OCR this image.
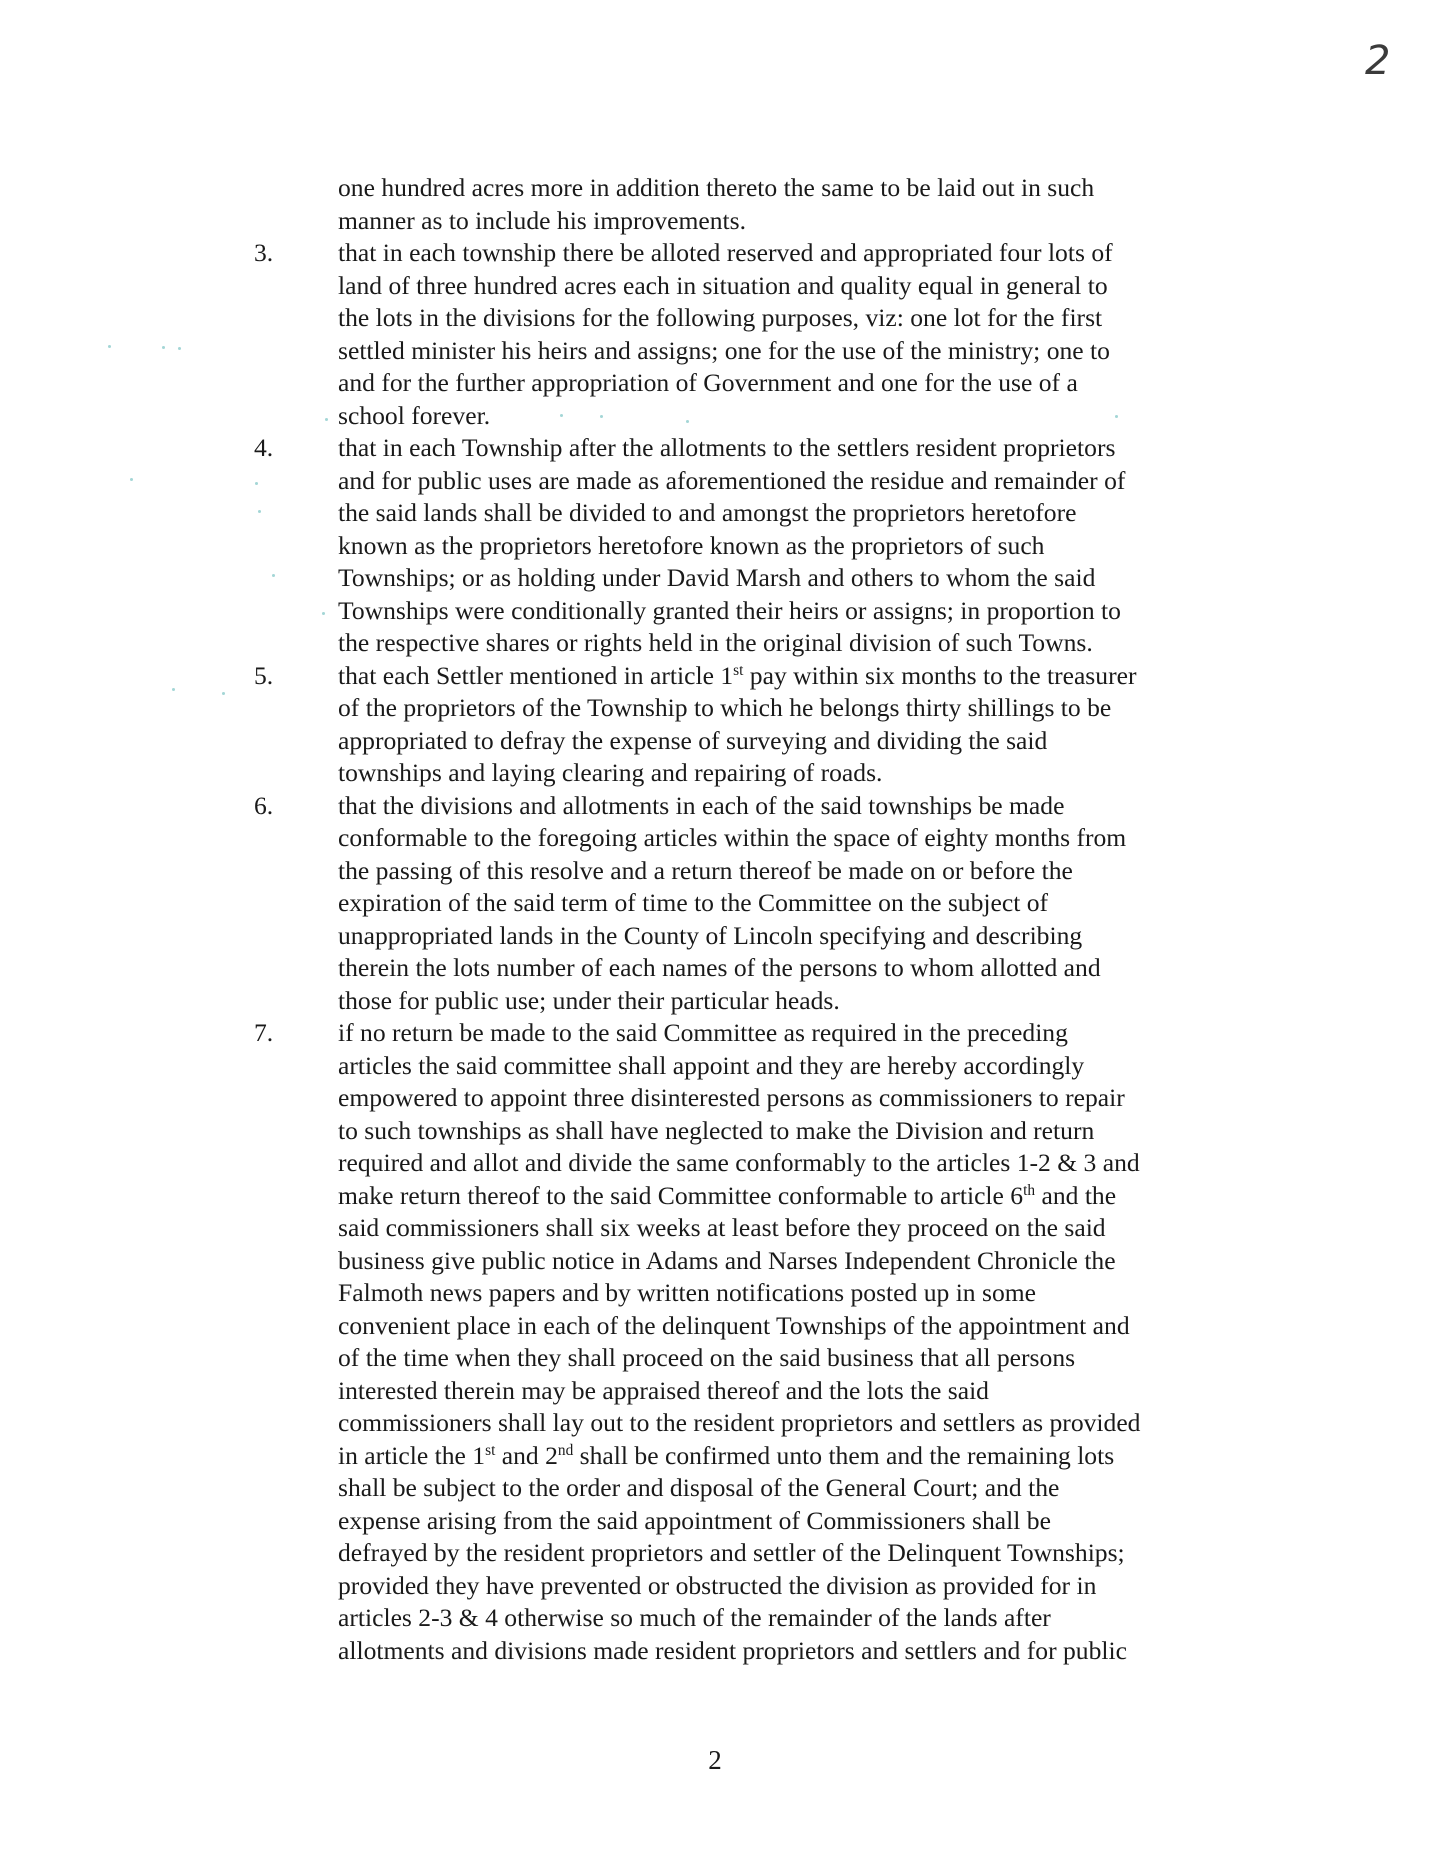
2
one hundred acres more in addition thereto the same to be laid out in such
manner as to include his improvements.
3.	that in each township there be alloted reserved and appropriated four lots of
land of three hundred acres each in situation and quality equal in general to
the lots in the divisions for the following purposes, viz: one lot for the first
settled minister his heirs and assigns; one for the use of the ministry; one to
and for the further appropriation of Government and one for the use of a
school forever.
4.	that in each Township after the allotments to the settlers resident proprietors
and for public uses are made as aforementioned the residue and remainder of
the said lands shall be divided to and amongst the proprietors heretofore
known as the proprietors heretofore known as the proprietors of such
Townships; or as holding under David Marsh and others to whom the said
Townships were conditionally granted their heirs or assigns; in proportion to
the respective shares or rights held in the original division of such Towns.
5.	that each Settler mentioned in article 1st pay within six months to the treasurer
of the proprietors of the Township to which he belongs thirty shillings to be
appropriated to defray the expense of surveying and dividing the said
townships and laying clearing and repairing of roads.
6.	that the divisions and allotments in each of the said townships be made
conformable to the foregoing articles within the space of eighty months from
the passing of this resolve and a return thereof be made on or before the
expiration of the said term of time to the Committee on the subject of
unappropriated lands in the County of Lincoln specifying and describing
therein the lots number of each names of the persons to whom allotted and
those for public use; under their particular heads.
7.	if no return be made to the said Committee as required in the preceding
articles the said committee shall appoint and they are hereby accordingly
empowered to appoint three disinterested persons as commissioners to repair
to such townships as shall have neglected to make the Division and return
required and allot and divide the same conformably to the articles 1-2 & 3 and
make return thereof to the said Committee conformable to article 6th and the
said commissioners shall six weeks at least before they proceed on the said
business give public notice in Adams and Narses Independent Chronicle the
Falmoth news papers and by written notifications posted up in some
convenient place in each of the delinquent Townships of the appointment and
of the time when they shall proceed on the said business that all persons
interested therein may be appraised thereof and the lots the said
commissioners shall lay out to the resident proprietors and settlers as provided
in article the 1st and 2nd shall be confirmed unto them and the remaining lots
shall be subject to the order and disposal of the General Court; and the
expense arising from the said appointment of Commissioners shall be
defrayed by the resident proprietors and settler of the Delinquent Townships;
provided they have prevented or obstructed the division as provided for in
articles 2-3 & 4 otherwise so much of the remainder of the lands after
allotments and divisions made resident proprietors and settlers and for public
2
